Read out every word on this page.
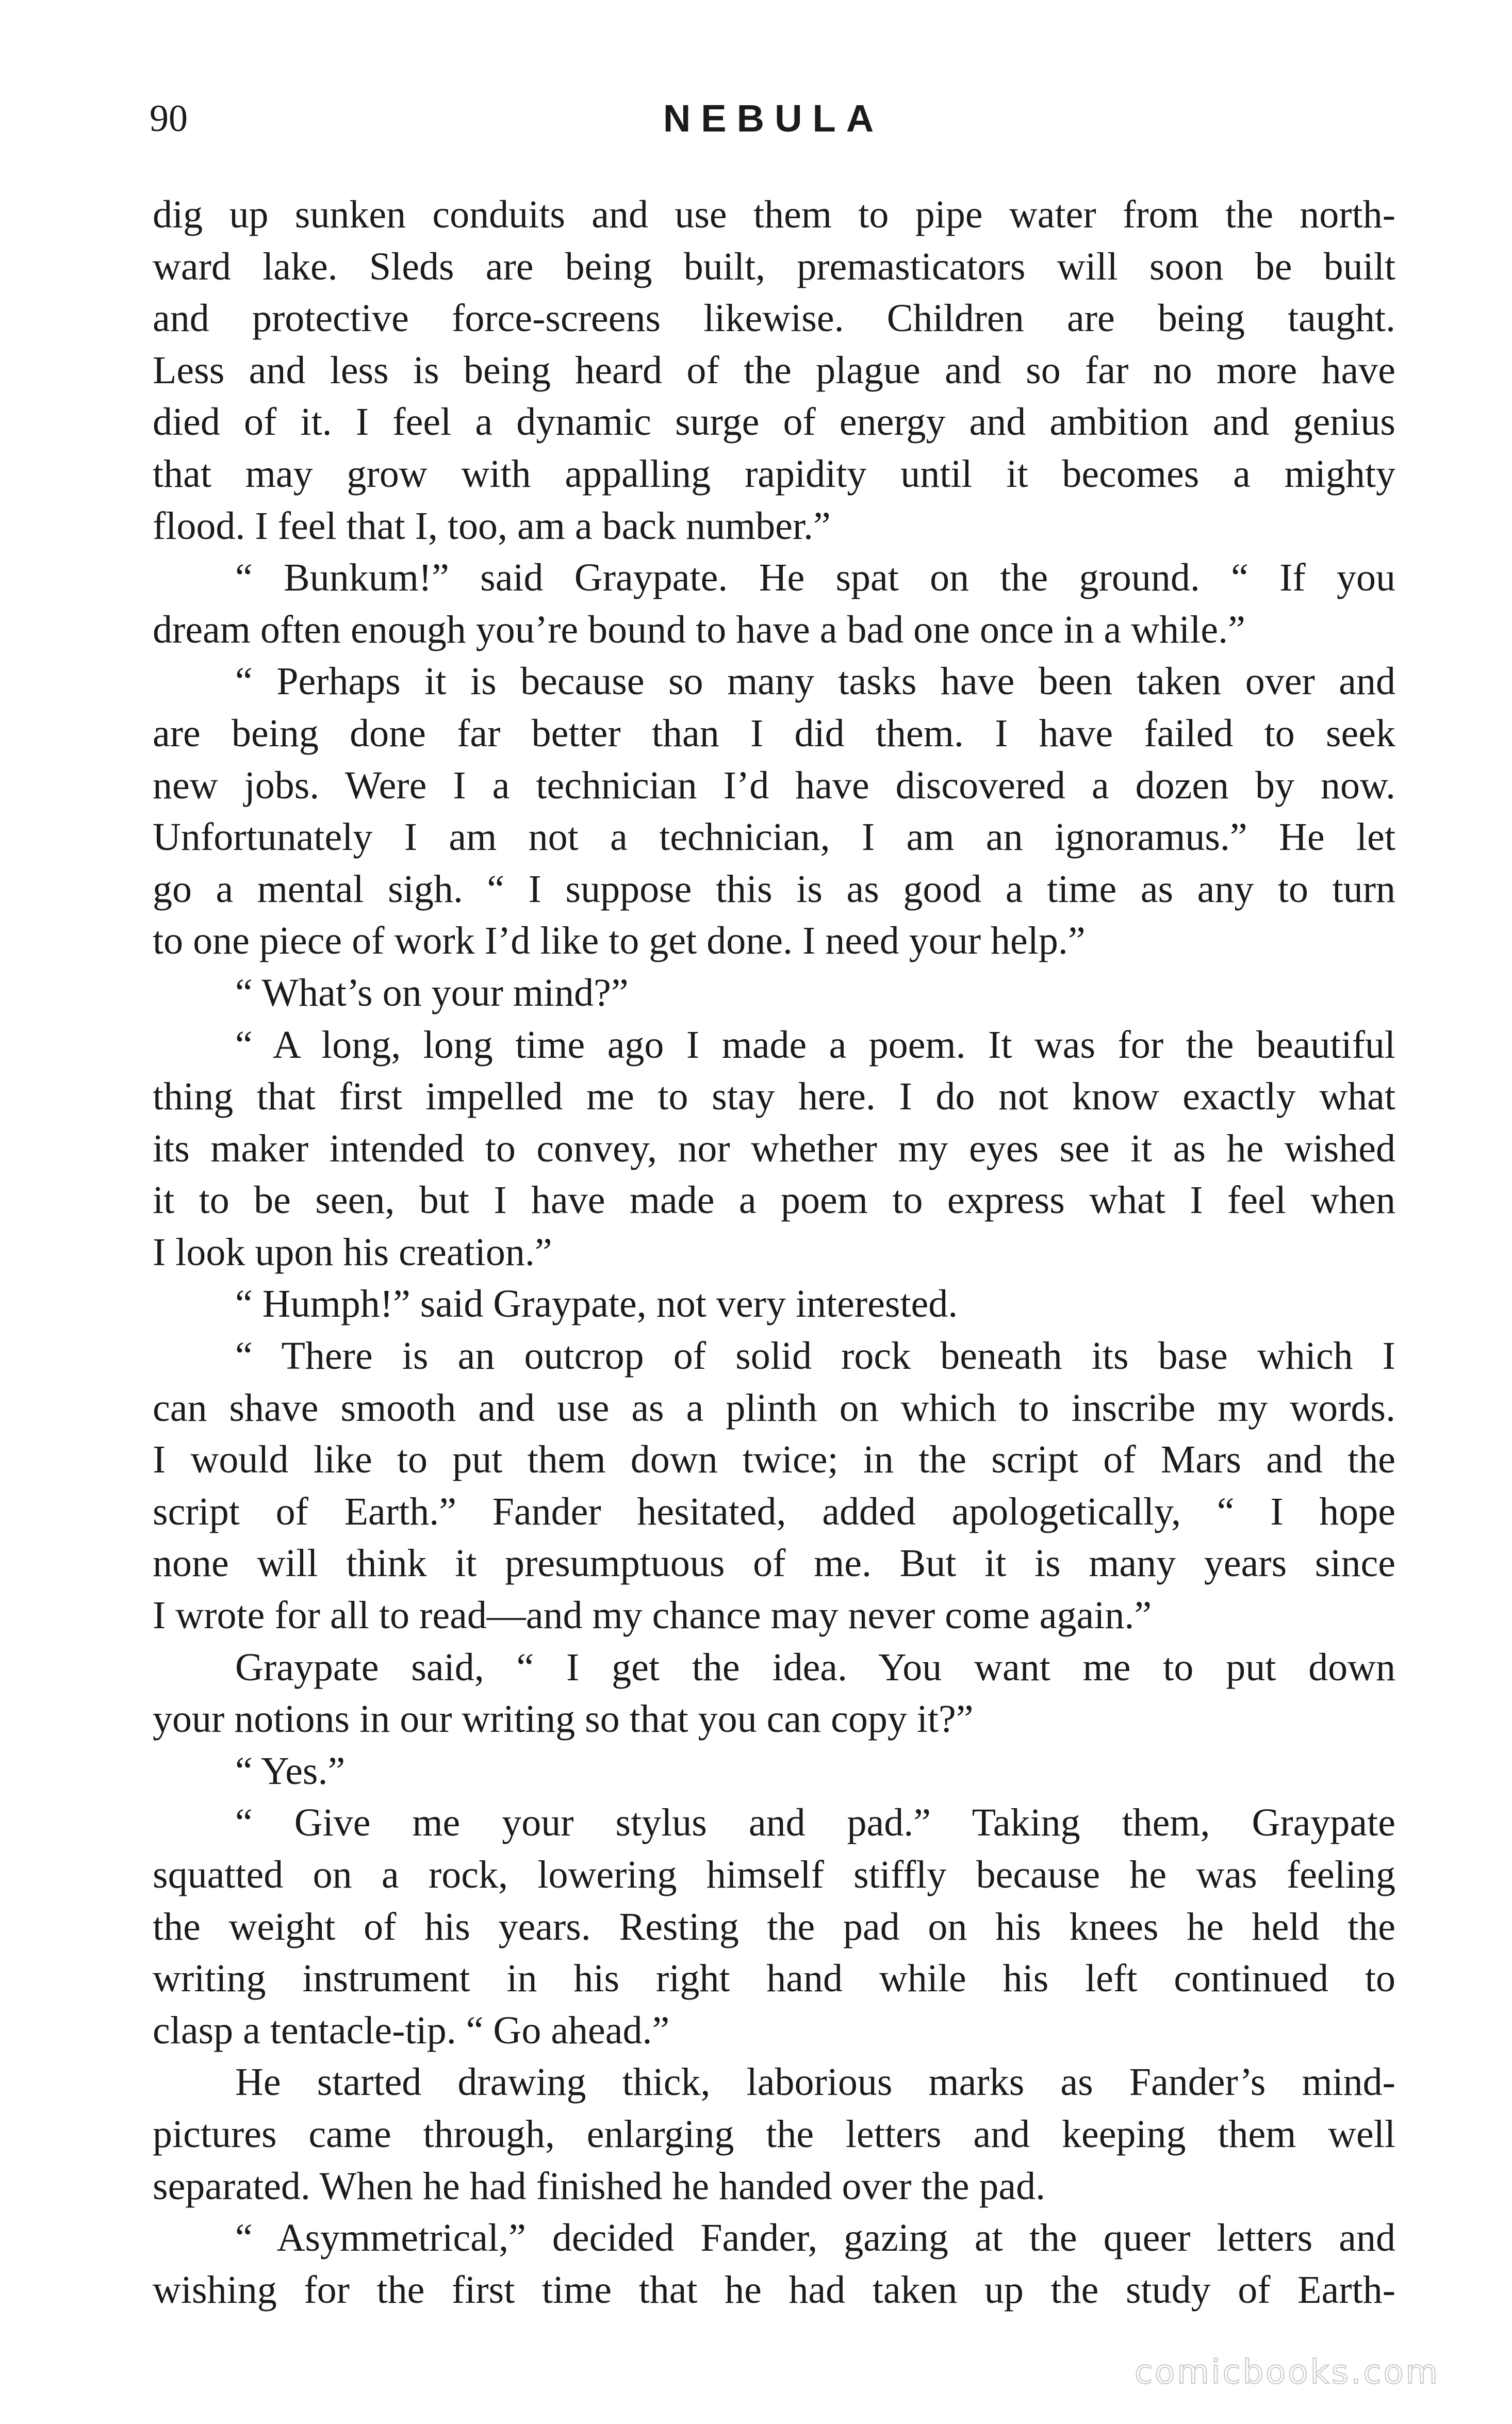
90	NEBULA
dig up sunken conduits and use them to pipe water from the north-
ward lake. Sleds are being built, premasticators will soon be built
and protective force-screens likewise. Children are being taught.
Less and less is being heard of the plague and so far no more have
died of it. I feel a dynamic surge of energy and ambition and genius
that may grow with appalling rapidity until it becomes a mighty
flood. I feel that I, too, am a back number.”
“ Bunkum!” said Graypate. He spat on the ground. “ If you
dream often enough you’re bound to have a bad one once in a while.”
“ Perhaps it is because so many tasks have been taken over and
are being done far better than I did them. I have failed to seek
new jobs. Were I a technician I’d have discovered a dozen by now.
Unfortunately I am not a technician, I am an ignoramus.” He let
go a mental sigh. “ I suppose this is as good a time as any to turn
to one piece of work I’d like to get done. I need your help.”
“ What’s on your mind?”
“ A long, long time ago I made a poem. It was for the beautiful
thing that first impelled me to stay here. I do not know exactly what
its maker intended to convey, nor whether my eyes see it as he wished
it to be seen, but I have made a poem to express what I feel when
I look upon his creation.”
“ Humph!” said Graypate, not very interested.
“ There is an outcrop of solid rock beneath its base which I
can shave smooth and use as a plinth on which to inscribe my words.
I would like to put them down twice; in the script of Mars and the
script of Earth.” Fander hesitated, added apologetically, “ I hope
none will think it presumptuous of me. But it is many years since
I wrote for all to read—and my chance may never come again.”
Graypate said, “ I get the idea. You want me to put down
your notions in our writing so that you can copy it?”
“ Yes.”
“ Give me your stylus and pad.” Taking them, Graypate
squatted on a rock, lowering himself stiffly because he was feeling
the weight of his years. Resting the pad on his knees he held the
writing instrument in his right hand while his left continued to
clasp a tentacle-tip. “ Go ahead.”
He started drawing thick, laborious marks as Fander’s mind-
pictures came through, enlarging the letters and keeping them well
separated. When he had finished he handed over the pad.
“ Asymmetrical,” decided Fander, gazing at the queer letters and
wishing for the first time that he had taken up the study of Earth-
comicbooks.com
